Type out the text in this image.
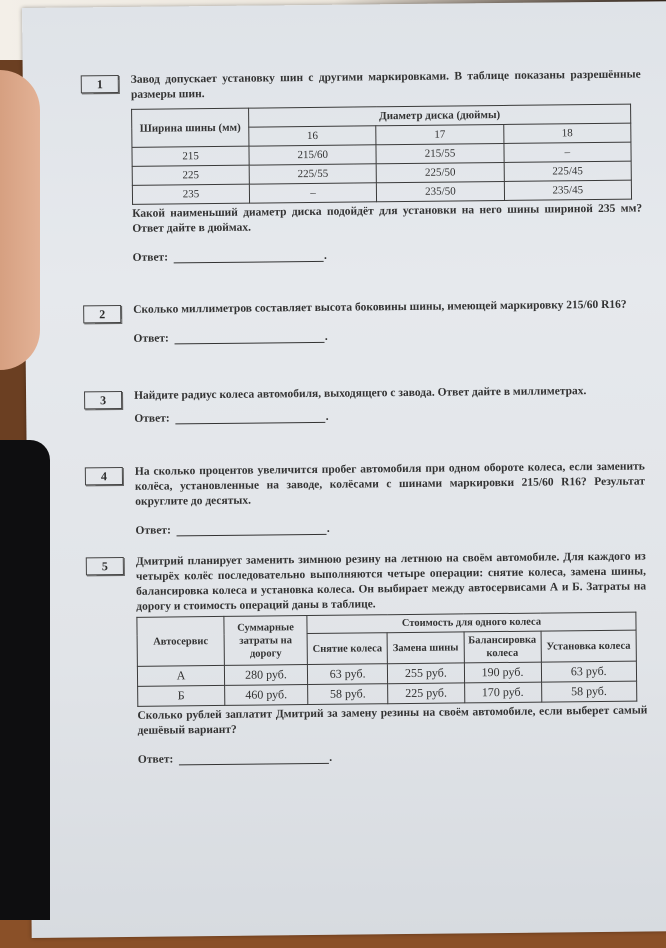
1	Завод допускает установку шин с другими маркировками. В таблице показаны разрешённые размеры шин.
Ширина шины (мм)	Диаметр диска (дюймы)		
	16	17	18
215	215/60	215/55	–
225	225/55	225/50	225/45
235	–	235/50	235/45
Какой наименьший диаметр диска подойдёт для установки на него шины шириной 235 мм? Ответ дайте в дюймах.
Ответ:	.
2	Сколько миллиметров составляет высота боковины шины, имеющей маркировку 215/60 R16?
Ответ:	.
3	Найдите радиус колеса автомобиля, выходящего с завода. Ответ дайте в миллиметрах.
Ответ:	.
4	На сколько процентов увеличится пробег автомобиля при одном обороте колеса, если заменить колёса, установленные на заводе, колёсами с шинами маркировки 215/60 R16? Результат округлите до десятых.
Ответ:	.
5	Дмитрий планирует заменить зимнюю резину на летнюю на своём автомобиле. Для каждого из четырёх колёс последовательно выполняются четыре операции: снятие колеса, замена шины, балансировка колеса и установка колеса. Он выбирает между автосервисами А и Б. Затраты на дорогу и стоимость операций даны в таблице.
Автосервис	Суммарные затраты на дорогу	Стоимость для одного колеса			
		Снятие колеса	Замена шины	Балансировка колеса	Установка колеса
А	280 руб.	63 руб.	255 руб.	190 руб.	63 руб.
Б	460 руб.	58 руб.	225 руб.	170 руб.	58 руб.
Сколько рублей заплатит Дмитрий за замену резины на своём автомобиле, если выберет самый дешёвый вариант?
Ответ:	.
